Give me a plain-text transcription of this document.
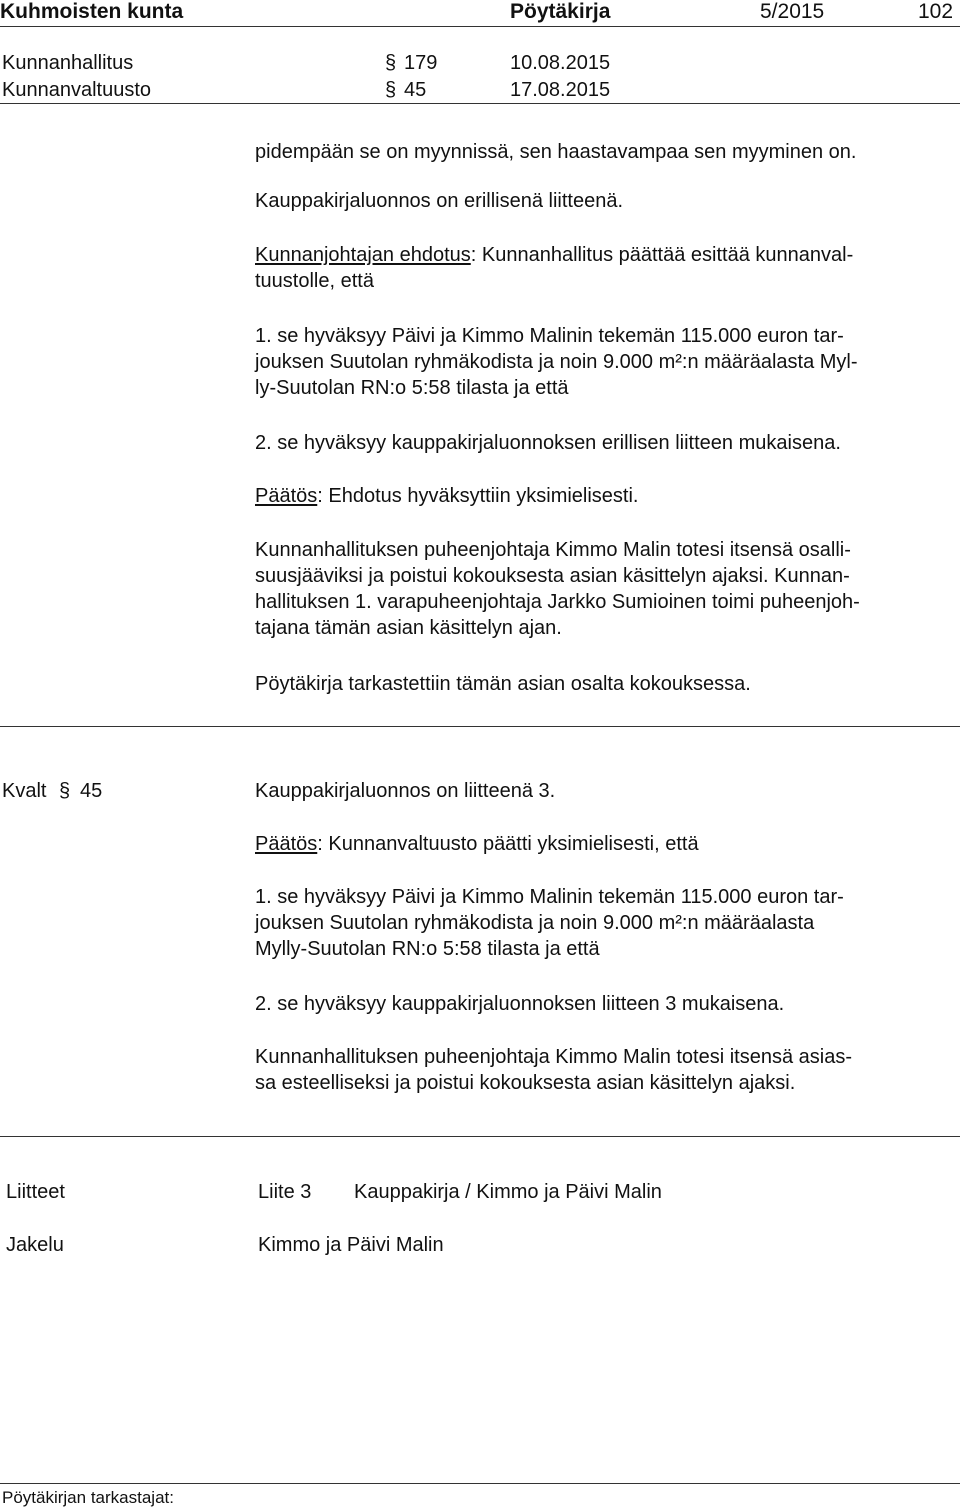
Kuhmoisten kunta	Pöytäkirja	5/2015	102
Kunnanhallitus	§ 179	10.08.2015
Kunnanvaltuusto	§ 45	17.08.2015

pidempään se on myynnissä, sen haastavampaa sen myyminen on.

Kauppakirjaluonnos on erillisenä liitteenä.

Kunnanjohtajan ehdotus: Kunnanhallitus päättää esittää kunnanval-
tuustolle, että

1. se hyväksyy Päivi ja Kimmo Malinin tekemän 115.000 euron tar-
jouksen Suutolan ryhmäkodista ja noin 9.000 m²:n määräalasta Myl-
ly-Suutolan RN:o 5:58 tilasta ja että

2. se hyväksyy kauppakirjaluonnoksen erillisen liitteen mukaisena.

Päätös: Ehdotus hyväksyttiin yksimielisesti.

Kunnanhallituksen puheenjohtaja Kimmo Malin totesi itsensä osalli-
suusjääviksi ja poistui kokouksesta asian käsittelyn ajaksi. Kunnan-
hallituksen 1. varapuheenjohtaja Jarkko Sumioinen toimi puheenjoh-
tajana tämän asian käsittelyn ajan.

Pöytäkirja tarkastettiin tämän asian osalta kokouksessa.

Kvalt § 45	Kauppakirjaluonnos on liitteenä 3.

Päätös: Kunnanvaltuusto päätti yksimielisesti, että

1. se hyväksyy Päivi ja Kimmo Malinin tekemän 115.000 euron tar-
jouksen Suutolan ryhmäkodista ja noin 9.000 m²:n määräalasta
Mylly-Suutolan RN:o 5:58 tilasta ja että

2. se hyväksyy kauppakirjaluonnoksen liitteen 3 mukaisena.

Kunnanhallituksen puheenjohtaja Kimmo Malin totesi itsensä asias-
sa esteelliseksi ja poistui kokouksesta asian käsittelyn ajaksi.

Liitteet	Liite 3 Kauppakirja / Kimmo ja Päivi Malin
Jakelu	Kimmo ja Päivi Malin
Pöytäkirjan tarkastajat:
